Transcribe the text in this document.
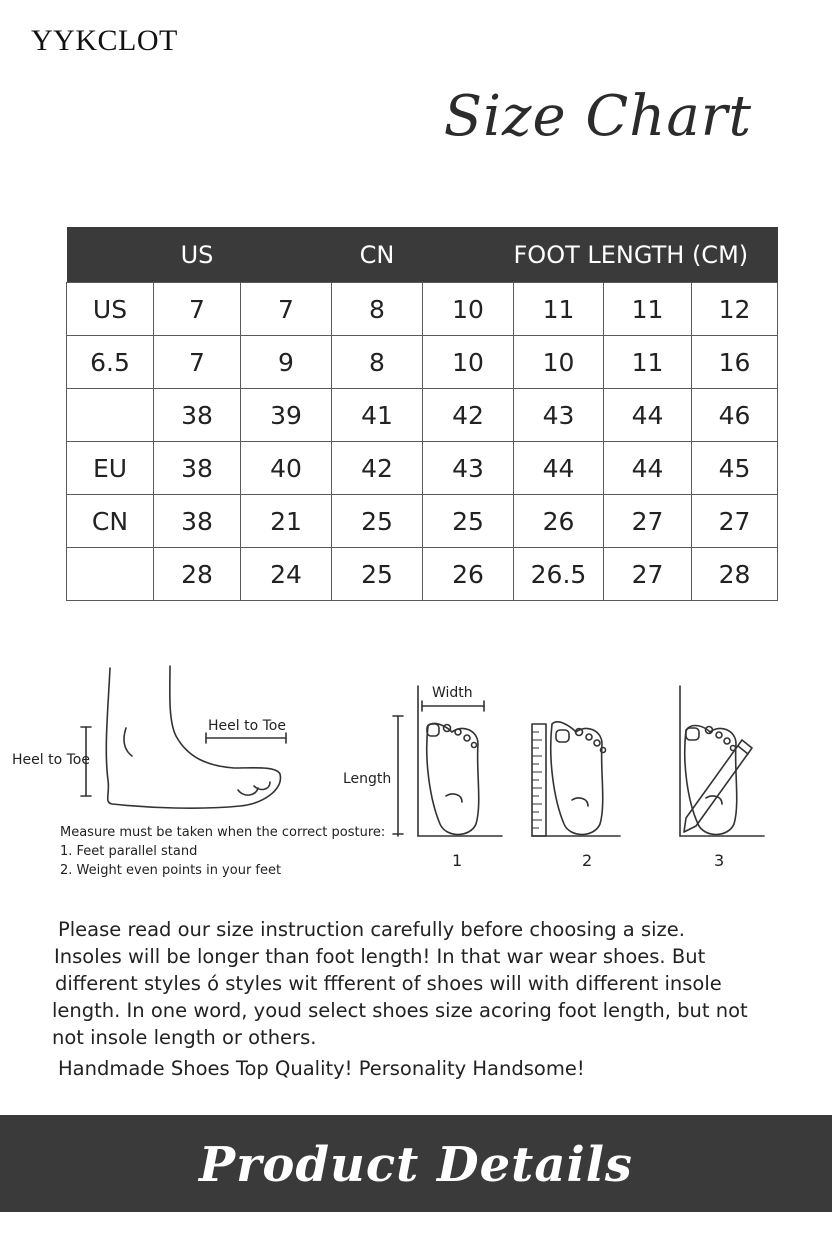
YYKCLOT
Size Chart
	US		CN		FOOT LENGTH (CM)		
US	7	7	8	10	11	11	12
6.5	7	9	8	10	10	11	16
	38	39	41	42	43	44	46
EU	38	40	42	43	44	44	45
CN	38	21	25	25	26	27	27
	28	24	25	26	26.5	27	28
Heel to Toe
Heel to Toe
Measure must be taken when the correct posture:
1. Feet parallel stand
2. Weight even points in your feet
Width
Length
1	2	3

Please read our size instruction carefully before choosing a size.

Insoles will be longer than foot length! In that war wear shoes. But

different styles ό styles wit ffferent of shoes will with different insole

length. In one word, youd select shoes size acoring foot length, but not

not insole length or others.

Handmade Shoes Top Quality! Personality Handsome!

Product Details
